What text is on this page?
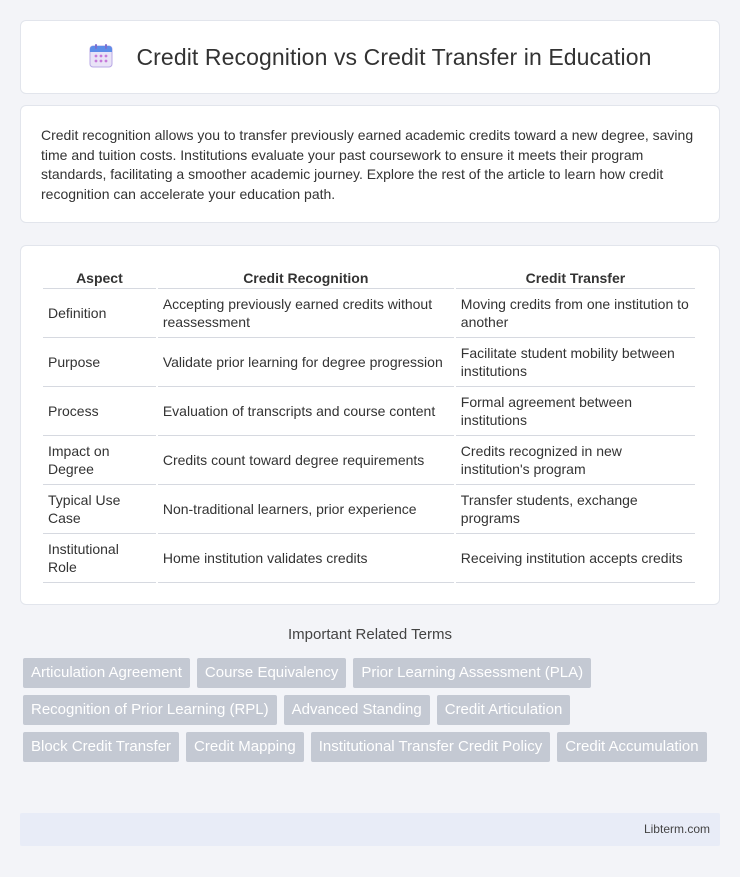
Credit Recognition vs Credit Transfer in Education

Credit recognition allows you to transfer previously earned academic credits toward a new degree, saving time and tuition costs. Institutions evaluate your past coursework to ensure it meets their program standards, facilitating a smoother academic journey. Explore the rest of the article to learn how credit recognition can accelerate your education path.

Aspect	Credit Recognition	Credit Transfer
Definition	Accepting previously earned credits without reassessment	Moving credits from one institution to another
Purpose	Validate prior learning for degree progression	Facilitate student mobility between institutions
Process	Evaluation of transcripts and course content	Formal agreement between institutions
Impact on Degree	Credits count toward degree requirements	Credits recognized in new institution's program
Typical Use Case	Non-traditional learners, prior experience	Transfer students, exchange programs
Institutional Role	Home institution validates credits	Receiving institution accepts credits
Important Related Terms
Articulation Agreement	Course Equivalency	Prior Learning Assessment (PLA)
Recognition of Prior Learning (RPL)	Advanced Standing	Credit Articulation
Block Credit Transfer	Credit Mapping	Institutional Transfer Credit Policy	Credit Accumulation
Libterm.com
